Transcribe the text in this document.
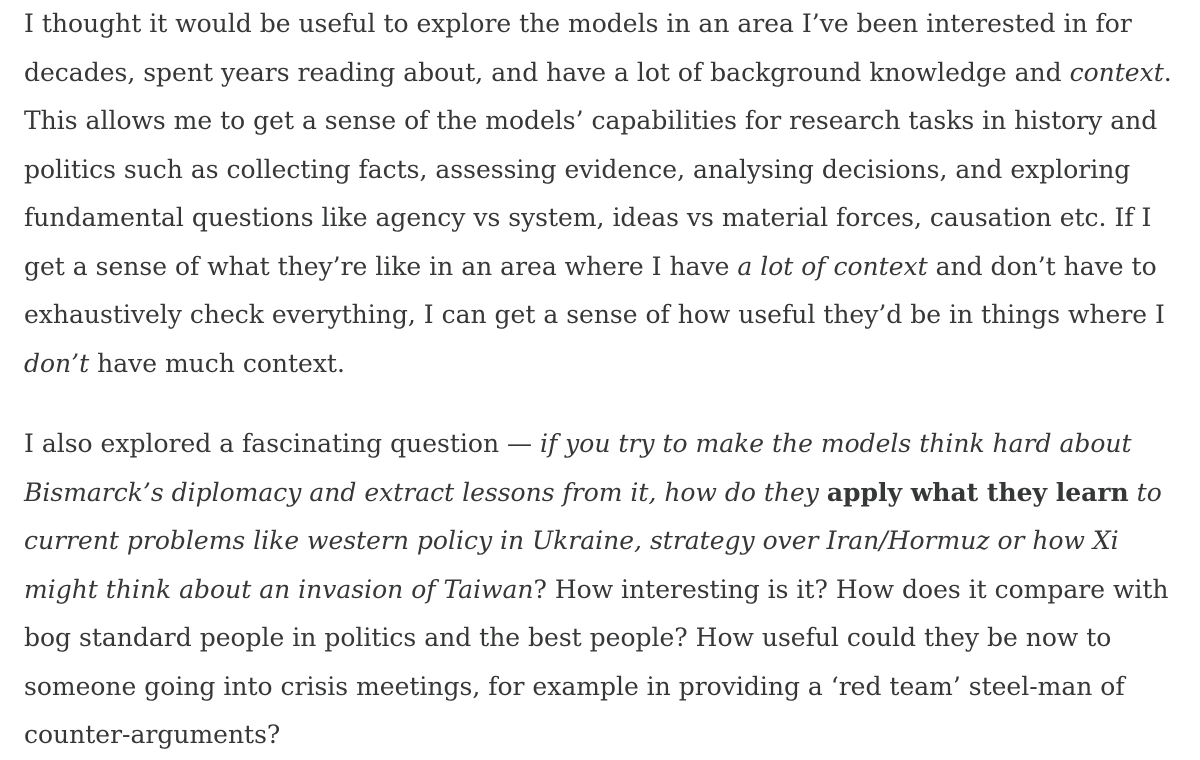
I thought it would be useful to explore the models in an area I’ve been interested in for decades, spent years reading about, and have a lot of background knowledge and context. This allows me to get a sense of the models’ capabilities for research tasks in history and politics such as collecting facts, assessing evidence, analysing decisions, and exploring fundamental questions like agency vs system, ideas vs material forces, causation etc. If I get a sense of what they’re like in an area where I have a lot of context and don’t have to exhaustively check everything, I can get a sense of how useful they’d be in things where I don’t have much context.

I also explored a fascinating question — if you try to make the models think hard about Bismarck’s diplomacy and extract lessons from it, how do they apply what they learn to current problems like western policy in Ukraine, strategy over Iran/Hormuz or how Xi might think about an invasion of Taiwan? How interesting is it? How does it compare with bog standard people in politics and the best people? How useful could they be now to someone going into crisis meetings, for example in providing a ‘red team’ steel-man of counter-arguments?
